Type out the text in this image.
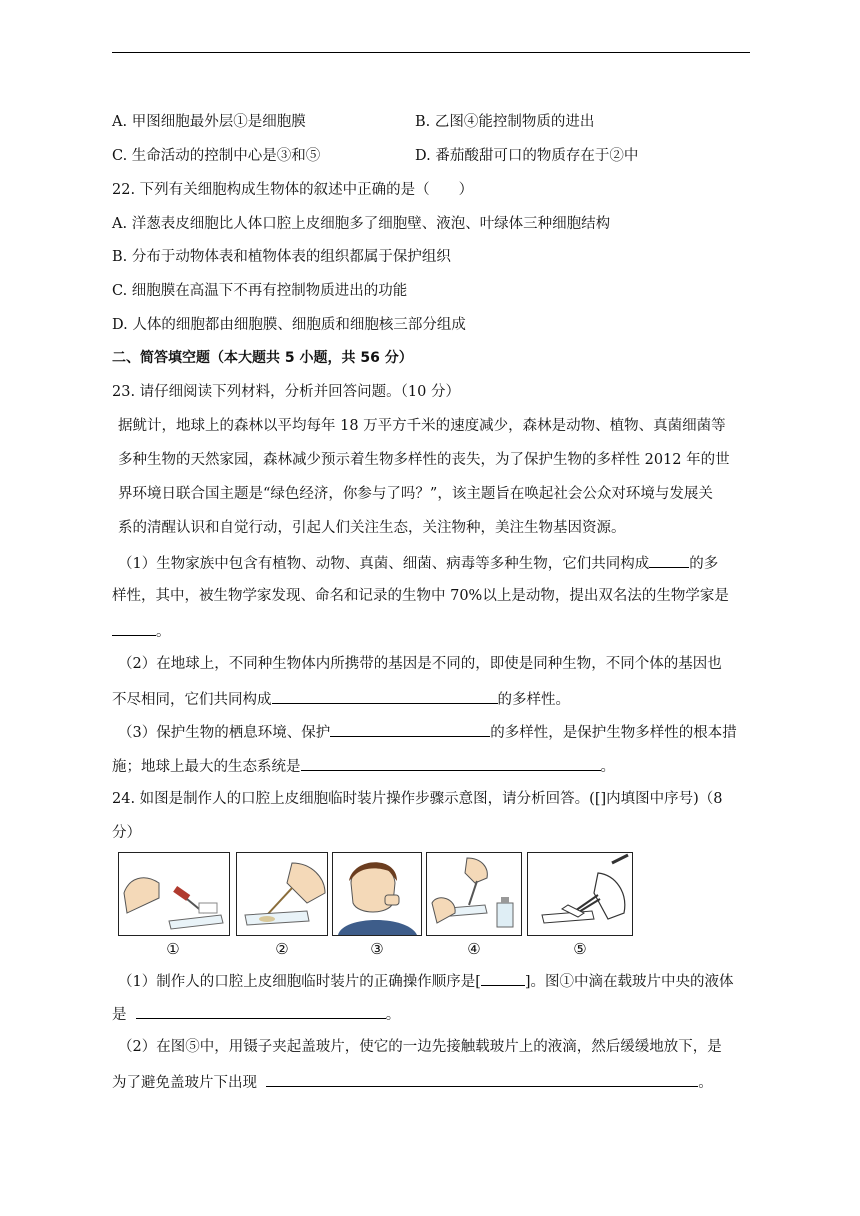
A. 甲图细胞最外层①是细胞膜	B. 乙图④能控制物质的进出
C. 生命活动的控制中心是③和⑤	D. 番茄酸甜可口的物质存在于②中
22. 下列有关细胞构成生物体的叙述中正确的是（　　）
A. 洋葱表皮细胞比人体口腔上皮细胞多了细胞壁、液泡、叶绿体三种细胞结构
B. 分布于动物体表和植物体表的组织都属于保护组织
C. 细胞膜在高温下不再有控制物质进出的功能
D. 人体的细胞都由细胞膜、细胞质和细胞核三部分组成
二、简答填空题（本大题共 5 小题，共 56 分）
23. 请仔细阅读下列材料，分析并回答问题。（10 分）
据鱿计，地球上的森林以平均每年 18 万平方千米的速度减少，森林是动物、植物、真菌细菌等
多种生物的天然家园，森林减少预示着生物多样性的丧失，为了保护生物的多样性 2012 年的世
界环境日联合国主题是“绿色经济，你参与了吗？”，该主题旨在唤起社会公众对环境与发展关
系的清醒认识和自觉行动，引起人们关注生态，关注物种，美注生物基因资源。
（1）生物家族中包含有植物、动物、真菌、细菌、病毒等多种生物，它们共同构成	的多
样性，其中，被生物学家发现、命名和记录的生物中 70%以上是动物，提出双名法的生物学家是
。
（2）在地球上，不同种生物体内所携带的基因是不同的，即使是同种生物，不同个体的基因也
不尽相同，它们共同构成	的多样性。
（3）保护生物的栖息环境、保护	的多样性，是保护生物多样性的根本措
施；地球上最大的生态系统是	。
24. 如图是制作人的口腔上皮细胞临时装片操作步骤示意图，请分析回答。([]内填图中序号)（8
分）
①	②	③	④	⑤
（1）制作人的口腔上皮细胞临时装片的正确操作顺序是[	]。图①中滴在载玻片中央的液体
是	。
（2）在图⑤中，用镊子夹起盖玻片，使它的一边先接触载玻片上的液滴，然后缓缓地放下，是
为了避免盖玻片下出现	。
